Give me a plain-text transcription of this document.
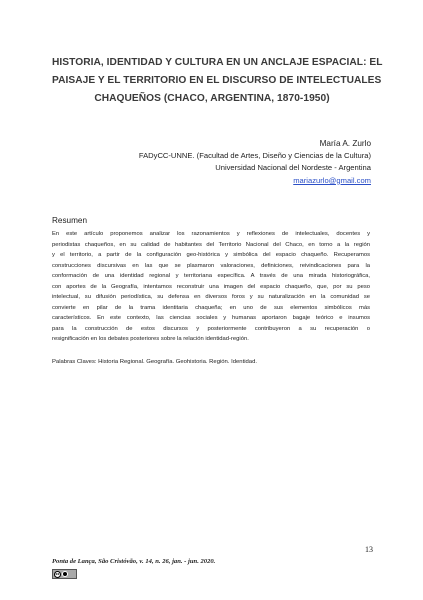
HISTORIA, IDENTIDAD Y CULTURA EN UN ANCLAJE ESPACIAL: EL
PAISAJE Y EL TERRITORIO EN EL DISCURSO DE INTELECTUALES
CHAQUEÑOS (CHACO, ARGENTINA, 1870-1950)
María A. Zurlo
FADyCC-UNNE. (Facultad de Artes, Diseño y Ciencias de la Cultura)
Universidad Nacional del Nordeste - Argentina
mariazurlo@gmail.com
Resumen
En este artículo proponemos analizar los razonamientos y reflexiones de intelectuales, docentes y
periodistas chaqueños, en su calidad de habitantes del Territorio Nacional del Chaco, en torno a la región
y el territorio, a partir de la configuración geo-histórica y simbólica del espacio chaqueño. Recuperamos
construcciones discursivas en las que se plasmaron valoraciones, definiciones, reivindicaciones para la
conformación de una identidad regional y territoriana específica. A través de una mirada historiográfica,
con aportes de la Geografía, intentamos reconstruir una imagen del espacio chaqueño, que, por su peso
intelectual, su difusión periodística, su defensa en diversos foros y su naturalización en la comunidad se
convierte en pilar de la trama identitaria chaqueña; en uno de sus elementos simbólicos más
característicos. En este contexto, las ciencias sociales y humanas aportaron bagaje teórico e insumos
para la construcción de estos discursos y posteriormente contribuyeron a su recuperación o
resignificación en los debates posteriores sobre la relación identidad-región.
Palabras Claves: Historia Regional. Geografía. Geohistoria. Región. Identidad.
13
Ponta de Lança, São Cristóvão, v. 14, n. 26, jan. - jun. 2020.
cc
